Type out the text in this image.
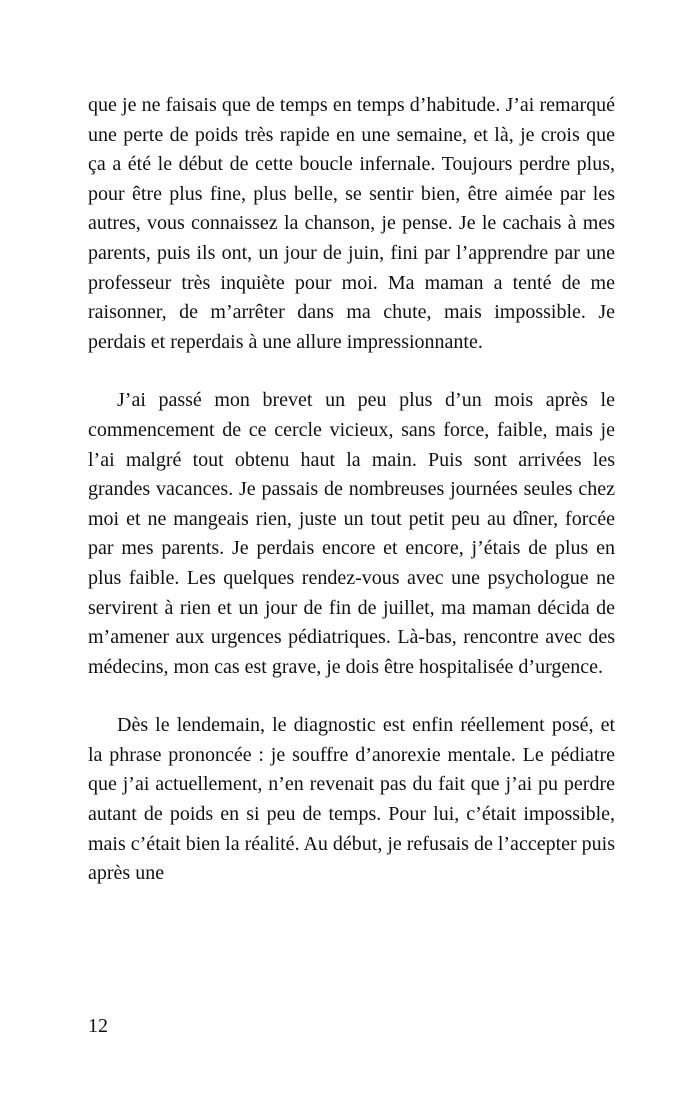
que je ne faisais que de temps en temps d’habitude. J’ai remarqué une perte de poids très rapide en une semaine, et là, je crois que ça a été le début de cette boucle infernale. Toujours perdre plus, pour être plus fine, plus belle, se sentir bien, être aimée par les autres, vous connaissez la chanson, je pense. Je le cachais à mes parents, puis ils ont, un jour de juin, fini par l’apprendre par une professeur très inquiète pour moi. Ma maman a tenté de me raisonner, de m’arrêter dans ma chute, mais impossible. Je perdais et reperdais à une allure impressionnante.

J’ai passé mon brevet un peu plus d’un mois après le commencement de ce cercle vicieux, sans force, faible, mais je l’ai malgré tout obtenu haut la main. Puis sont arrivées les grandes vacances. Je passais de nombreuses journées seules chez moi et ne mangeais rien, juste un tout petit peu au dîner, forcée par mes parents. Je perdais encore et encore, j’étais de plus en plus faible. Les quelques rendez-vous avec une psychologue ne servirent à rien et un jour de fin de juillet, ma maman décida de m’amener aux urgences pédiatriques. Là-bas, rencontre avec des médecins, mon cas est grave, je dois être hospitalisée d’urgence.

Dès le lendemain, le diagnostic est enfin réellement posé, et la phrase prononcée : je souffre d’anorexie mentale. Le pédiatre que j’ai actuellement, n’en revenait pas du fait que j’ai pu perdre autant de poids en si peu de temps. Pour lui, c’était impossible, mais c’était bien la réalité. Au début, je refusais de l’accepter puis après une

12
